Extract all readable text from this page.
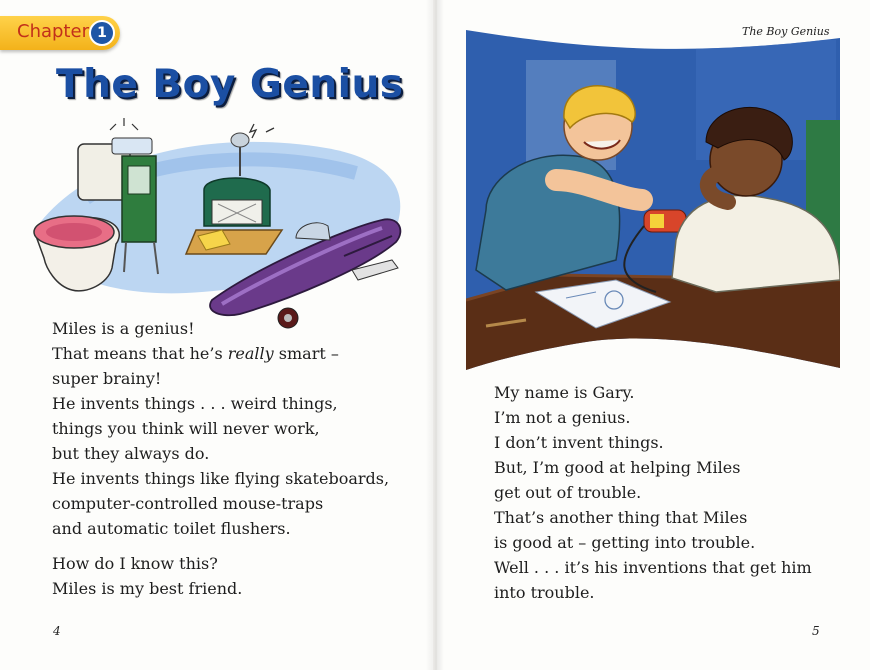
Chapter 1
The Boy Genius

Miles is a genius!

That means that he’s really smart –

super brainy!

He invents things . . . weird things,

things you think will never work,

but they always do.

He invents things like flying skateboards,

computer-controlled mouse-traps

and automatic toilet flushers.

How do I know this?

Miles is my best friend.

4
The Boy Genius

My name is Gary.

I’m not a genius.

I don’t invent things.

But, I’m good at helping Miles

get out of trouble.

That’s another thing that Miles

is good at – getting into trouble.

Well . . . it’s his inventions that get him

into trouble.

5
